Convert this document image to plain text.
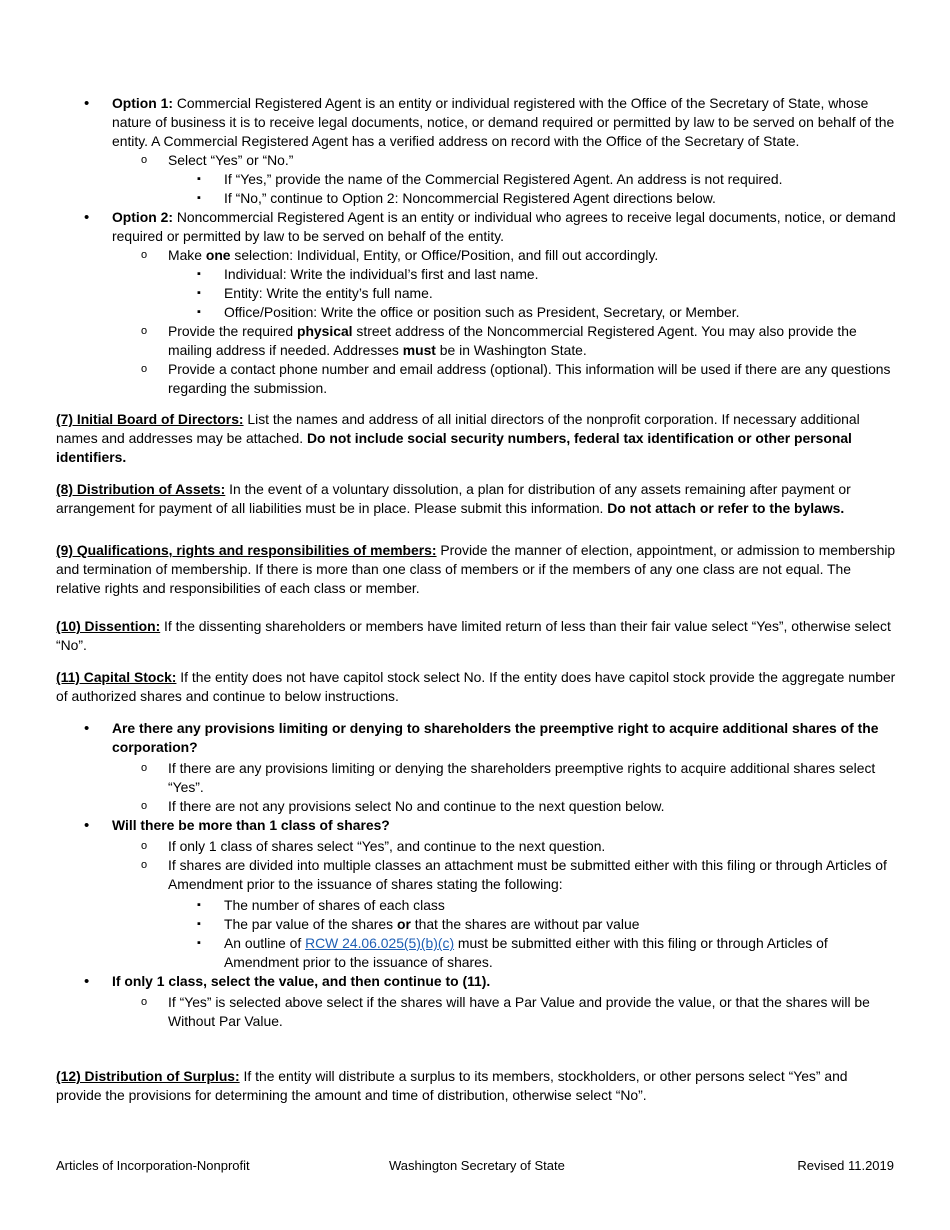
• Option 1: Commercial Registered Agent is an entity or individual registered with the Office of the Secretary of State, whose nature of business it is to receive legal documents, notice, or demand required or permitted by law to be served on behalf of the entity. A Commercial Registered Agent has a verified address on record with the Office of the Secretary of State.
o Select “Yes” or “No.”
▪ If “Yes,” provide the name of the Commercial Registered Agent. An address is not required.
▪ If “No,” continue to Option 2: Noncommercial Registered Agent directions below.
• Option 2: Noncommercial Registered Agent is an entity or individual who agrees to receive legal documents, notice, or demand required or permitted by law to be served on behalf of the entity.
o Make one selection: Individual, Entity, or Office/Position, and fill out accordingly.
▪ Individual: Write the individual’s first and last name.
▪ Entity: Write the entity’s full name.
▪ Office/Position: Write the office or position such as President, Secretary, or Member.
o Provide the required physical street address of the Noncommercial Registered Agent. You may also provide the mailing address if needed. Addresses must be in Washington State.
o Provide a contact phone number and email address (optional). This information will be used if there are any questions regarding the submission.

(7) Initial Board of Directors: List the names and address of all initial directors of the nonprofit corporation. If necessary additional names and addresses may be attached. Do not include social security numbers, federal tax identification or other personal identifiers.

(8) Distribution of Assets: In the event of a voluntary dissolution, a plan for distribution of any assets remaining after payment or arrangement for payment of all liabilities must be in place. Please submit this information. Do not attach or refer to the bylaws.

(9) Qualifications, rights and responsibilities of members: Provide the manner of election, appointment, or admission to membership and termination of membership. If there is more than one class of members or if the members of any one class are not equal. The relative rights and responsibilities of each class or member.

(10) Dissention: If the dissenting shareholders or members have limited return of less than their fair value select “Yes”, otherwise select “No”.

(11) Capital Stock: If the entity does not have capitol stock select No. If the entity does have capitol stock provide the aggregate number of authorized shares and continue to below instructions.

• Are there any provisions limiting or denying to shareholders the preemptive right to acquire additional shares of the corporation?
o If there are any provisions limiting or denying the shareholders preemptive rights to acquire additional shares select “Yes”.
o If there are not any provisions select No and continue to the next question below.
• Will there be more than 1 class of shares?
o If only 1 class of shares select “Yes”, and continue to the next question.
o If shares are divided into multiple classes an attachment must be submitted either with this filing or through Articles of Amendment prior to the issuance of shares stating the following:
▪ The number of shares of each class
▪ The par value of the shares or that the shares are without par value
▪ An outline of RCW 24.06.025(5)(b)(c) must be submitted either with this filing or through Articles of Amendment prior to the issuance of shares.
• If only 1 class, select the value, and then continue to (11).
o If “Yes” is selected above select if the shares will have a Par Value and provide the value, or that the shares will be Without Par Value.

(12) Distribution of Surplus: If the entity will distribute a surplus to its members, stockholders, or other persons select “Yes” and provide the provisions for determining the amount and time of distribution, otherwise select “No”.

Articles of Incorporation-Nonprofit	Washington Secretary of State	Revised 11.2019
